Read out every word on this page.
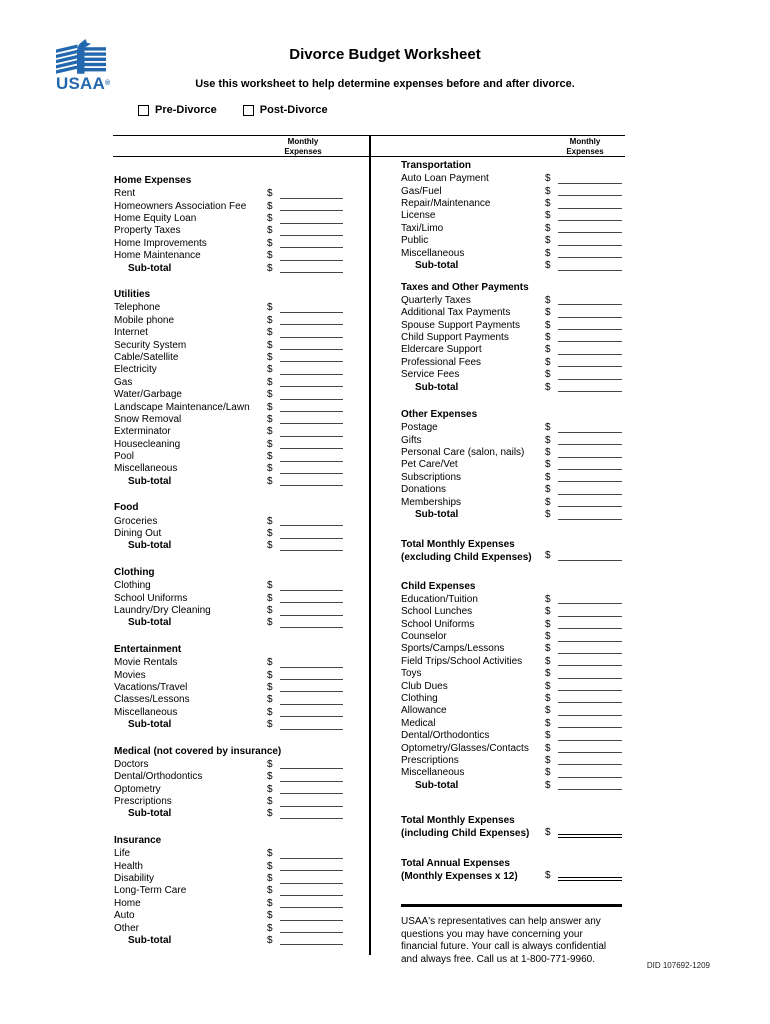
USAA®
Divorce Budget Worksheet
Use this worksheet to help determine expenses before and after divorce.
Pre-Divorce	Post-Divorce
Monthly
Expenses
Monthly
Expenses
Home Expenses
Rent	$
Homeowners Association Fee	$
Home Equity Loan	$
Property Taxes	$
Home Improvements	$
Home Maintenance	$
Sub-total	$
Utilities
Telephone	$
Mobile phone	$
Internet	$
Security System	$
Cable/Satellite	$
Electricity	$
Gas	$
Water/Garbage	$
Landscape Maintenance/Lawn	$
Snow Removal	$
Exterminator	$
Housecleaning	$
Pool	$
Miscellaneous	$
Sub-total	$
Food
Groceries	$
Dining Out	$
Sub-total	$
Clothing
Clothing	$
School Uniforms	$
Laundry/Dry Cleaning	$
Sub-total	$
Entertainment
Movie Rentals	$
Movies	$
Vacations/Travel	$
Classes/Lessons	$
Miscellaneous	$
Sub-total	$
Medical (not covered by insurance)
Doctors	$
Dental/Orthodontics	$
Optometry	$
Prescriptions	$
Sub-total	$
Insurance
Life	$
Health	$
Disability	$
Long-Term Care	$
Home	$
Auto	$
Other	$
Sub-total	$
Transportation
Auto Loan Payment	$
Gas/Fuel	$
Repair/Maintenance	$
License	$
Taxi/Limo	$
Public	$
Miscellaneous	$
Sub-total	$
Taxes and Other Payments
Quarterly Taxes	$
Additional Tax Payments	$
Spouse Support Payments	$
Child Support Payments	$
Eldercare Support	$
Professional Fees	$
Service Fees	$
Sub-total	$
Other Expenses
Postage	$
Gifts	$
Personal Care (salon, nails)	$
Pet Care/Vet	$
Subscriptions	$
Donations	$
Memberships	$
Sub-total	$
Total Monthly Expenses
(excluding Child Expenses)	$
Child Expenses
Education/Tuition	$
School Lunches	$
School Uniforms	$
Counselor	$
Sports/Camps/Lessons	$
Field Trips/School Activities	$
Toys	$
Club Dues	$
Clothing	$
Allowance	$
Medical	$
Dental/Orthodontics	$
Optometry/Glasses/Contacts	$
Prescriptions	$
Miscellaneous	$
Sub-total	$
Total Monthly Expenses
(including Child Expenses)	$
Total Annual Expenses
(Monthly Expenses x 12)	$
USAA's representatives can help answer any questions you may have concerning your financial future. Your call is always confidential and always free. Call us at 1-800-771-9960.
DID 107692-1209
